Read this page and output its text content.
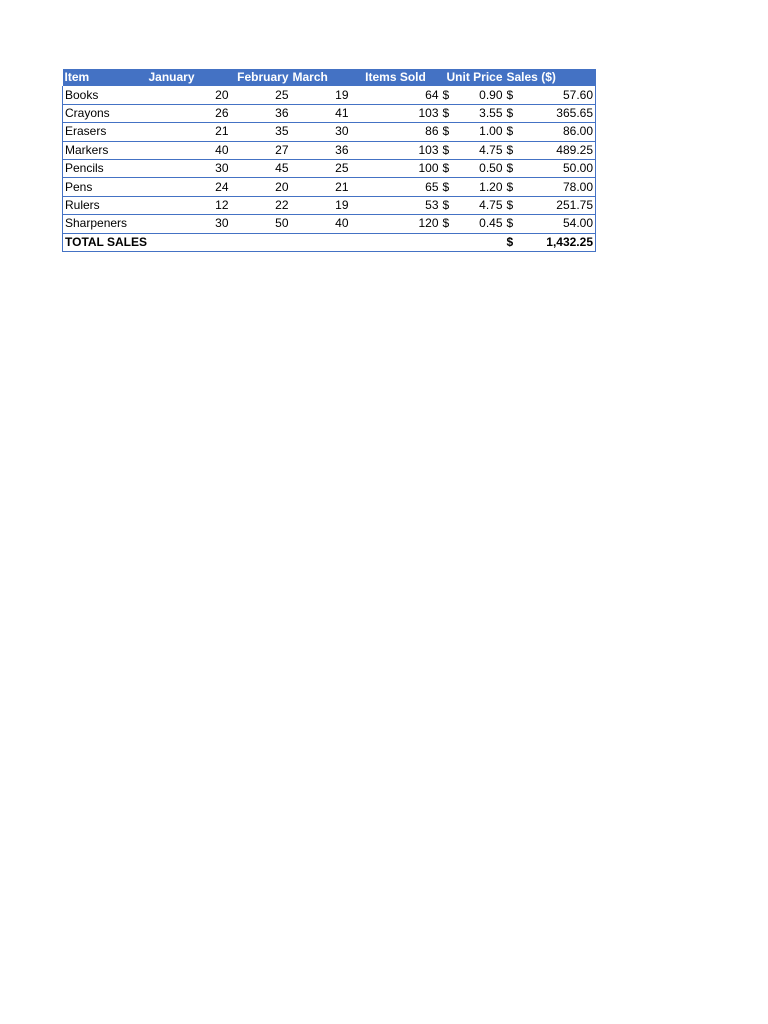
Item	January	February	March	Items Sold	Unit Price	Sales ($)
Books	20	25	19	64	$ 0.90	$ 57.60

Crayons	26	36	41	103	$ 3.55	$ 365.65

Erasers	21	35	30	86	$ 1.00	$ 86.00

Markers	40	27	36	103	$ 4.75	$ 489.25

Pencils	30	45	25	100	$ 0.50	$ 50.00

Pens	24	20	21	65	$ 1.20	$ 78.00

Rulers	12	22	19	53	$ 4.75	$ 251.75

Sharpeners	30	50	40	120	$ 0.45	$ 54.00

TOTAL SALES						$ 1,432.25
